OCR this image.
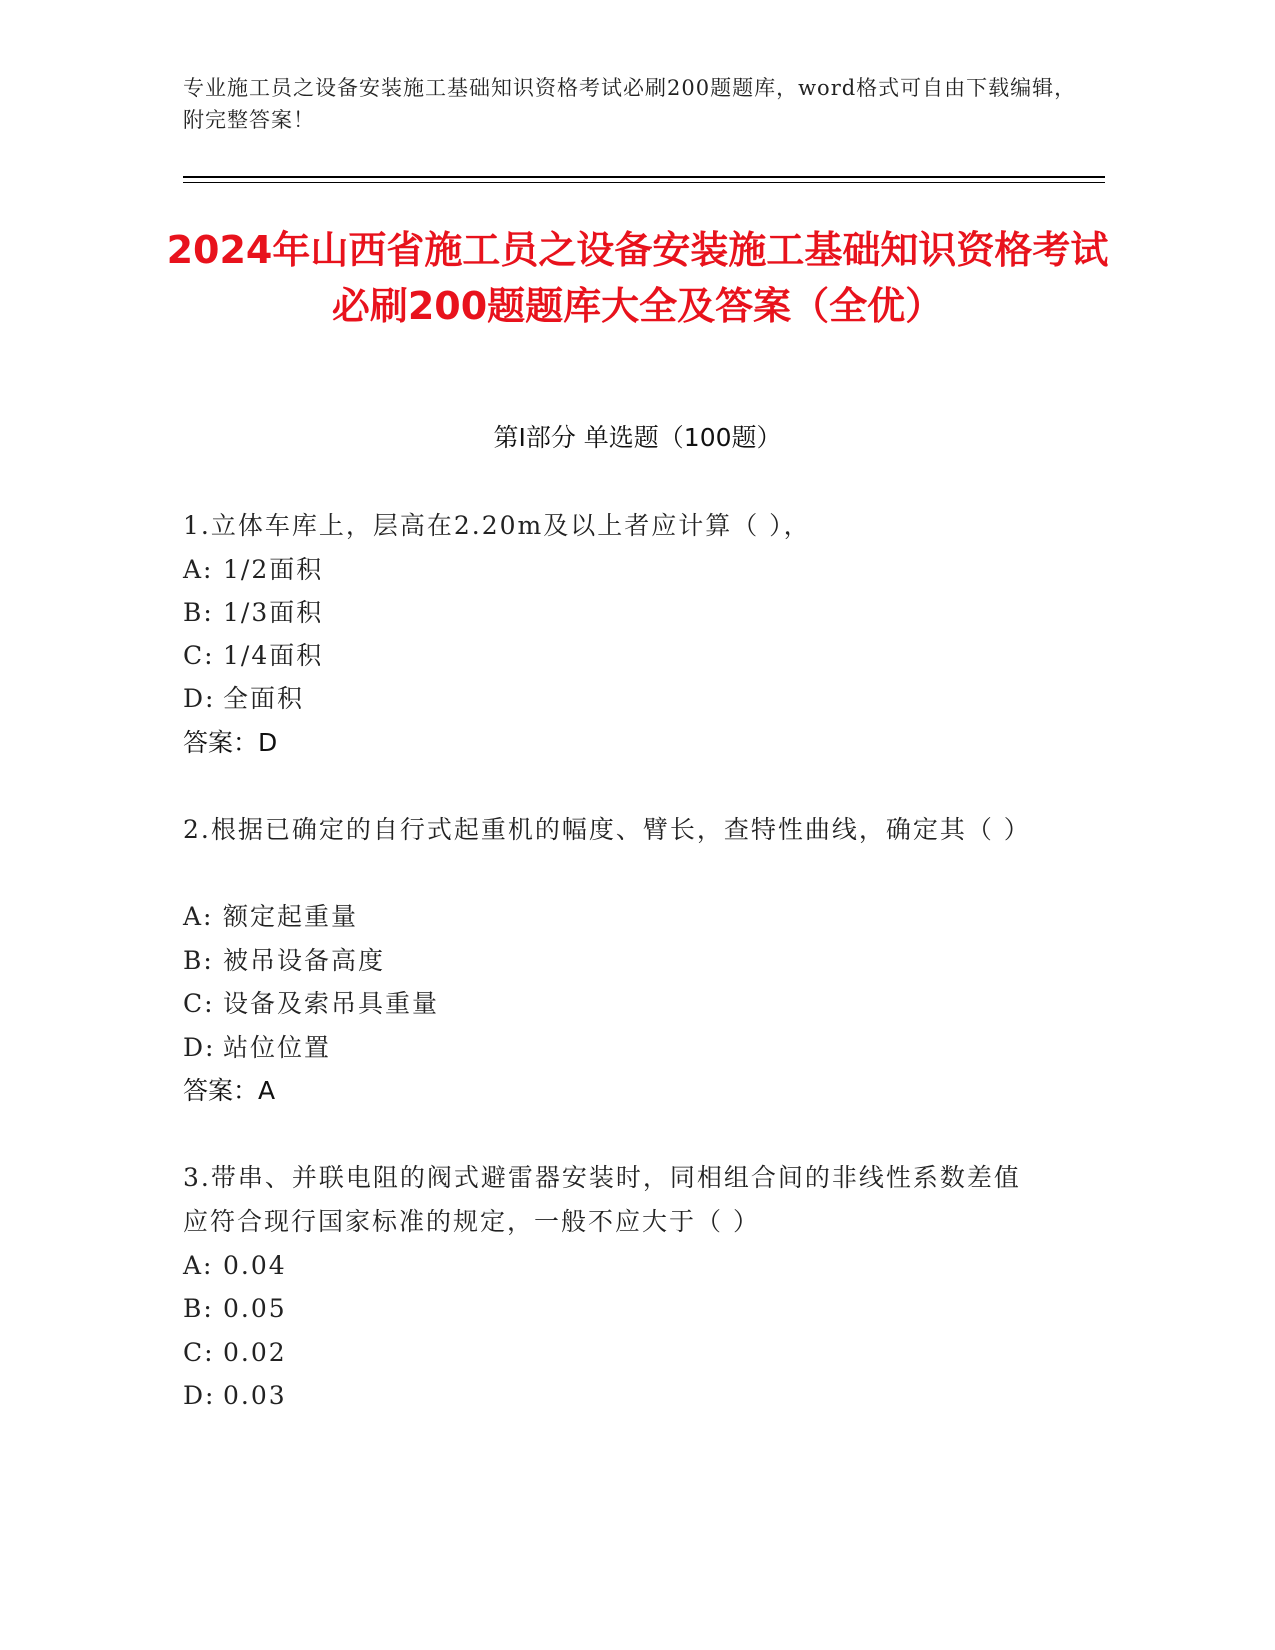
专业施工员之设备安装施工基础知识资格考试必刷200题题库，word格式可自由下载编辑，附完整答案！
2024年山西省施工员之设备安装施工基础知识资格考试必刷200题题库大全及答案（全优）
第I部分 单选题（100题）
1.立体车库上，层高在2.20m及以上者应计算（ ），
A: 1/2面积
B: 1/3面积
C: 1/4面积
D: 全面积
答案：D
2.根据已确定的自行式起重机的幅度、臂长，查特性曲线，确定其（ ）
A: 额定起重量
B: 被吊设备高度
C: 设备及索吊具重量
D: 站位位置
答案：A
3.带串、并联电阻的阀式避雷器安装时，同相组合间的非线性系数差值应符合现行国家标准的规定，一般不应大于（ ）
A: 0.04
B: 0.05
C: 0.02
D: 0.03
